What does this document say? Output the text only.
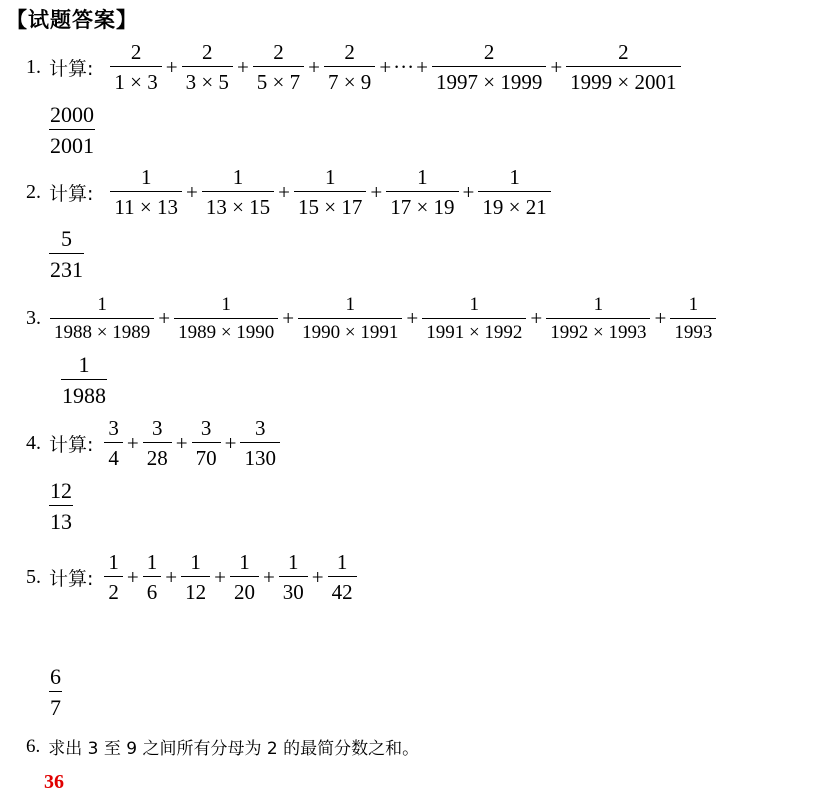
【试题答案】
1. 计算: $\frac{2}{1 \times 3} + \frac{2}{3 \times 5} + \frac{2}{5 \times 7} + \frac{2}{7 \times 9}$ + ··· + $\frac{2}{1997 \times 1999} + \frac{2}{1999 \times 2001}$
$\frac{2000}{2001}$
2. 计算: $\frac{1}{11 \times 13} + \frac{1}{13 \times 15} + \frac{1}{15 \times 17} + \frac{1}{17 \times 19} + \frac{1}{19 \times 21}$
$\frac{5}{231}$
3. $\frac{1}{1988 \times 1989} + \frac{1}{1989 \times 1990} + \frac{1}{1990 \times 1991} + \frac{1}{1991 \times 1992} + \frac{1}{1992 \times 1993} + \frac{1}{1993}$
$\frac{1}{1988}$
4. 计算: $\frac{3}{4} + \frac{3}{28} + \frac{3}{70} + \frac{3}{130}$
$\frac{12}{13}$
5. 计算: $\frac{1}{2} + \frac{1}{6} + \frac{1}{12} + \frac{1}{20} + \frac{1}{30} + \frac{1}{42}$
$\frac{6}{7}$
6. 求出 3 至 9 之间所有分母为 2 的最简分数之和。
36
